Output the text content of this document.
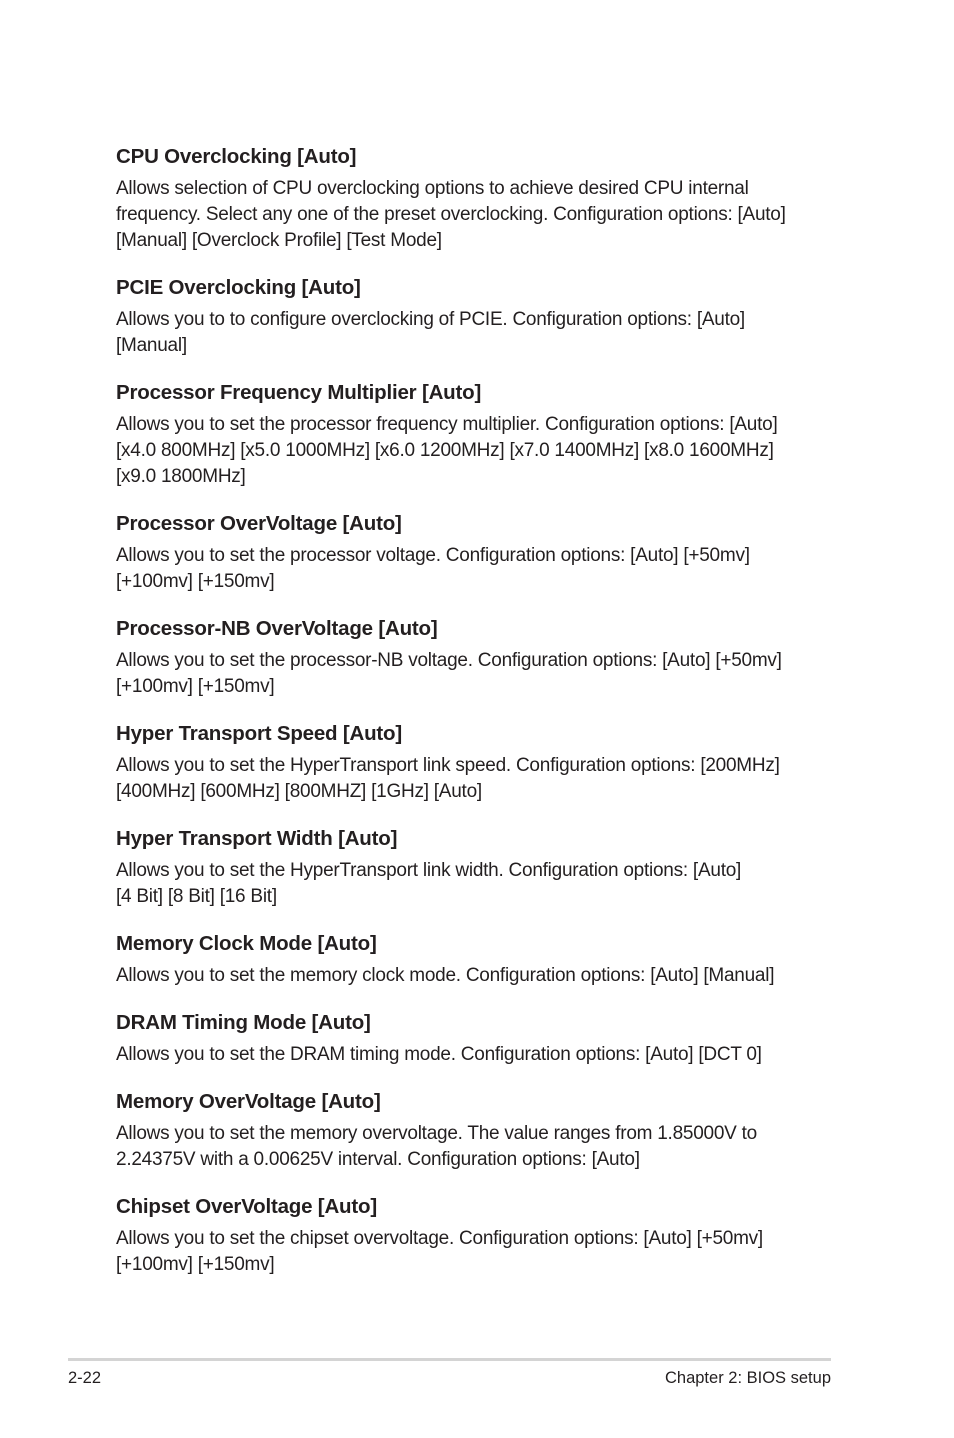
CPU Overclocking [Auto]
Allows selection of CPU overclocking options to achieve desired CPU internal
frequency. Select any one of the preset overclocking. Configuration options: [Auto]
[Manual] [Overclock Profile] [Test Mode]
PCIE Overclocking [Auto]
Allows you to to configure overclocking of PCIE. Configuration options: [Auto]
[Manual]
Processor Frequency Multiplier [Auto]
Allows you to set the processor frequency multiplier. Configuration options: [Auto]
[x4.0 800MHz] [x5.0 1000MHz] [x6.0 1200MHz] [x7.0 1400MHz] [x8.0 1600MHz]
[x9.0 1800MHz]
Processor OverVoltage [Auto]
Allows you to set the processor voltage. Configuration options: [Auto] [+50mv]
[+100mv] [+150mv]
Processor-NB OverVoltage [Auto]
Allows you to set the processor-NB voltage. Configuration options: [Auto] [+50mv]
[+100mv] [+150mv]
Hyper Transport Speed [Auto]
Allows you to set the HyperTransport link speed. Configuration options: [200MHz]
[400MHz] [600MHz] [800MHZ] [1GHz] [Auto]
Hyper Transport Width [Auto]
Allows you to set the HyperTransport link width. Configuration options: [Auto]
[4 Bit] [8 Bit] [16 Bit]
Memory Clock Mode [Auto]
Allows you to set the memory clock mode. Configuration options: [Auto] [Manual]
DRAM Timing Mode [Auto]
Allows you to set the DRAM timing mode. Configuration options: [Auto] [DCT 0]
Memory OverVoltage [Auto]
Allows you to set the memory overvoltage. The value ranges from 1.85000V to
2.24375V with a 0.00625V interval. Configuration options: [Auto]
Chipset OverVoltage [Auto]
Allows you to set the chipset overvoltage. Configuration options: [Auto] [+50mv]
[+100mv] [+150mv]
2-22	Chapter 2: BIOS setup
